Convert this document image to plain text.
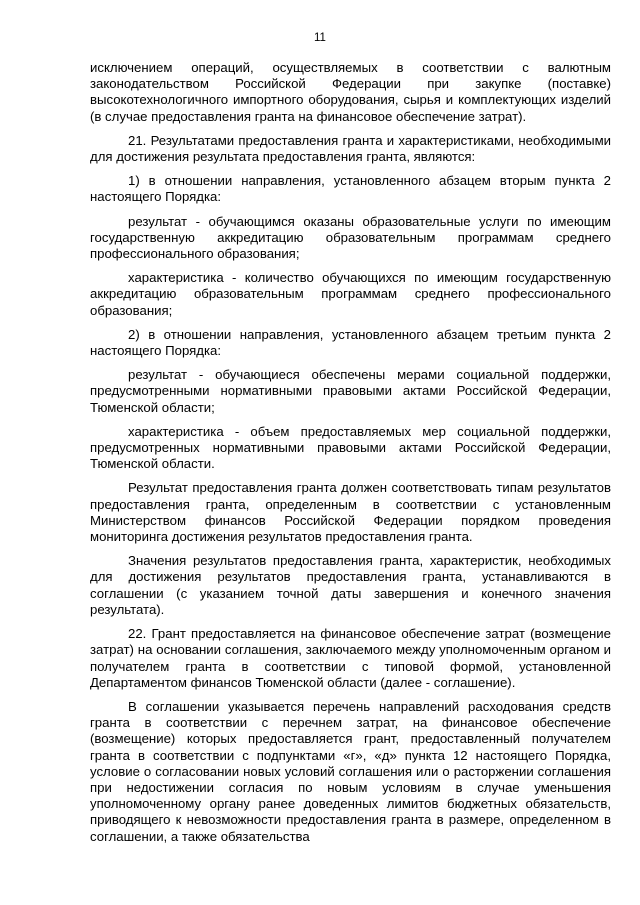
11

исключением операций, осуществляемых в соответствии с валютным законодательством Российской Федерации при закупке (поставке) высокотехнологичного импортного оборудования, сырья и комплектующих изделий (в случае предоставления гранта на финансовое обеспечение затрат).

21. Результатами предоставления гранта и характеристиками, необходимыми для достижения результата предоставления гранта, являются:

1) в отношении направления, установленного абзацем вторым пункта 2 настоящего Порядка:

результат - обучающимся оказаны образовательные услуги по имеющим государственную аккредитацию образовательным программам среднего профессионального образования;

характеристика - количество обучающихся по имеющим государственную аккредитацию образовательным программам среднего профессионального образования;

2) в отношении направления, установленного абзацем третьим пункта 2 настоящего Порядка:

результат - обучающиеся обеспечены мерами социальной поддержки, предусмотренными нормативными правовыми актами Российской Федерации, Тюменской области;

характеристика - объем предоставляемых мер социальной поддержки, предусмотренных нормативными правовыми актами Российской Федерации, Тюменской области.

Результат предоставления гранта должен соответствовать типам результатов предоставления гранта, определенным в соответствии с установленным Министерством финансов Российской Федерации порядком проведения мониторинга достижения результатов предоставления гранта.

Значения результатов предоставления гранта, характеристик, необходимых для достижения результатов предоставления гранта, устанавливаются в соглашении (с указанием точной даты завершения и конечного значения результата).

22. Грант предоставляется на финансовое обеспечение затрат (возмещение затрат) на основании соглашения, заключаемого между уполномоченным органом и получателем гранта в соответствии с типовой формой, установленной Департаментом финансов Тюменской области (далее - соглашение).

В соглашении указывается перечень направлений расходования средств гранта в соответствии с перечнем затрат, на финансовое обеспечение (возмещение) которых предоставляется грант, предоставленный получателем гранта в соответствии с подпунктами «г», «д» пункта 12 настоящего Порядка, условие о согласовании новых условий соглашения или о расторжении соглашения при недостижении согласия по новым условиям в случае уменьшения уполномоченному органу ранее доведенных лимитов бюджетных обязательств, приводящего к невозможности предоставления гранта в размере, определенном в соглашении, а также обязательства
